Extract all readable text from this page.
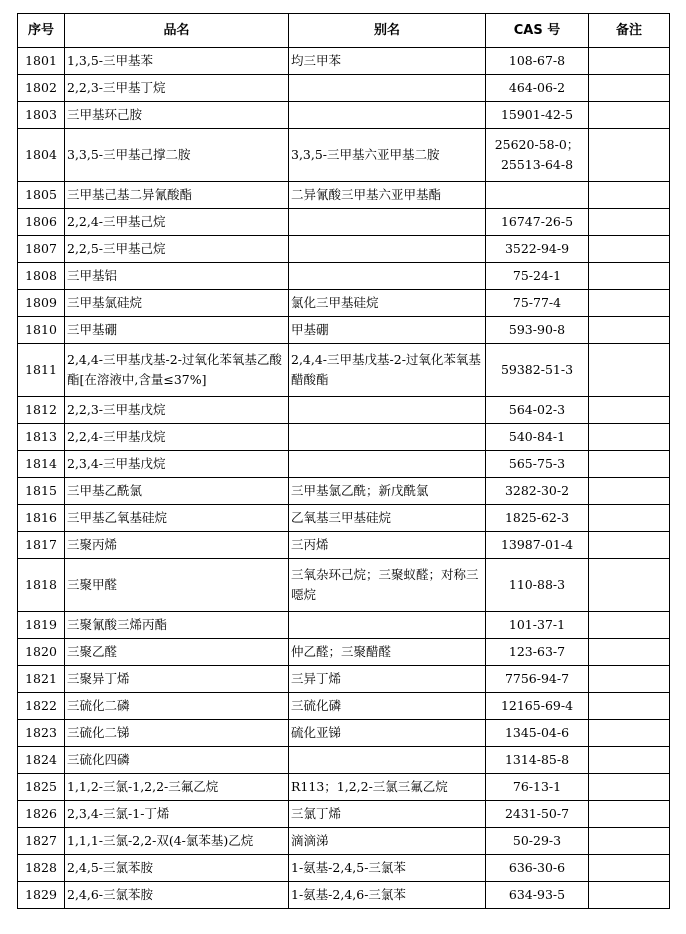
序号	品名	别名	CAS 号	备注
1801	1,3,5-三甲基苯	均三甲苯	108-67-8	
1802	2,2,3-三甲基丁烷		464-06-2	
1803	三甲基环己胺		15901-42-5	
1804	3,3,5-三甲基己撑二胺	3,3,5-三甲基六亚甲基二胺	25620-58-0；
25513-64-8	
1805	三甲基己基二异氰酸酯	二异氰酸三甲基六亚甲基酯		
1806	2,2,4-三甲基己烷		16747-26-5	
1807	2,2,5-三甲基己烷		3522-94-9	
1808	三甲基铝		75-24-1	
1809	三甲基氯硅烷	氯化三甲基硅烷	75-77-4	
1810	三甲基硼	甲基硼	593-90-8	
1811	2,4,4-三甲基戊基-2-过氧化苯氧基乙酸酯[在溶液中,含量≤37%]	2,4,4-三甲基戊基-2-过氧化苯氧基醋酸酯	59382-51-3	
1812	2,2,3-三甲基戊烷		564-02-3	
1813	2,2,4-三甲基戊烷		540-84-1	
1814	2,3,4-三甲基戊烷		565-75-3	
1815	三甲基乙酰氯	三甲基氯乙酰；新戊酰氯	3282-30-2	
1816	三甲基乙氧基硅烷	乙氧基三甲基硅烷	1825-62-3	
1817	三聚丙烯	三丙烯	13987-01-4	
1818	三聚甲醛	三氧杂环己烷；三聚蚁醛；对称三噁烷	110-88-3	
1819	三聚氰酸三烯丙酯		101-37-1	
1820	三聚乙醛	仲乙醛；三聚醋醛	123-63-7	
1821	三聚异丁烯	三异丁烯	7756-94-7	
1822	三硫化二磷	三硫化磷	12165-69-4	
1823	三硫化二锑	硫化亚锑	1345-04-6	
1824	三硫化四磷		1314-85-8	
1825	1,1,2-三氯-1,2,2-三氟乙烷	R113；1,2,2-三氯三氟乙烷	76-13-1	
1826	2,3,4-三氯-1-丁烯	三氯丁烯	2431-50-7	
1827	1,1,1-三氯-2,2-双(4-氯苯基)乙烷	滴滴涕	50-29-3	
1828	2,4,5-三氯苯胺	1-氨基-2,4,5-三氯苯	636-30-6	
1829	2,4,6-三氯苯胺	1-氨基-2,4,6-三氯苯	634-93-5	
